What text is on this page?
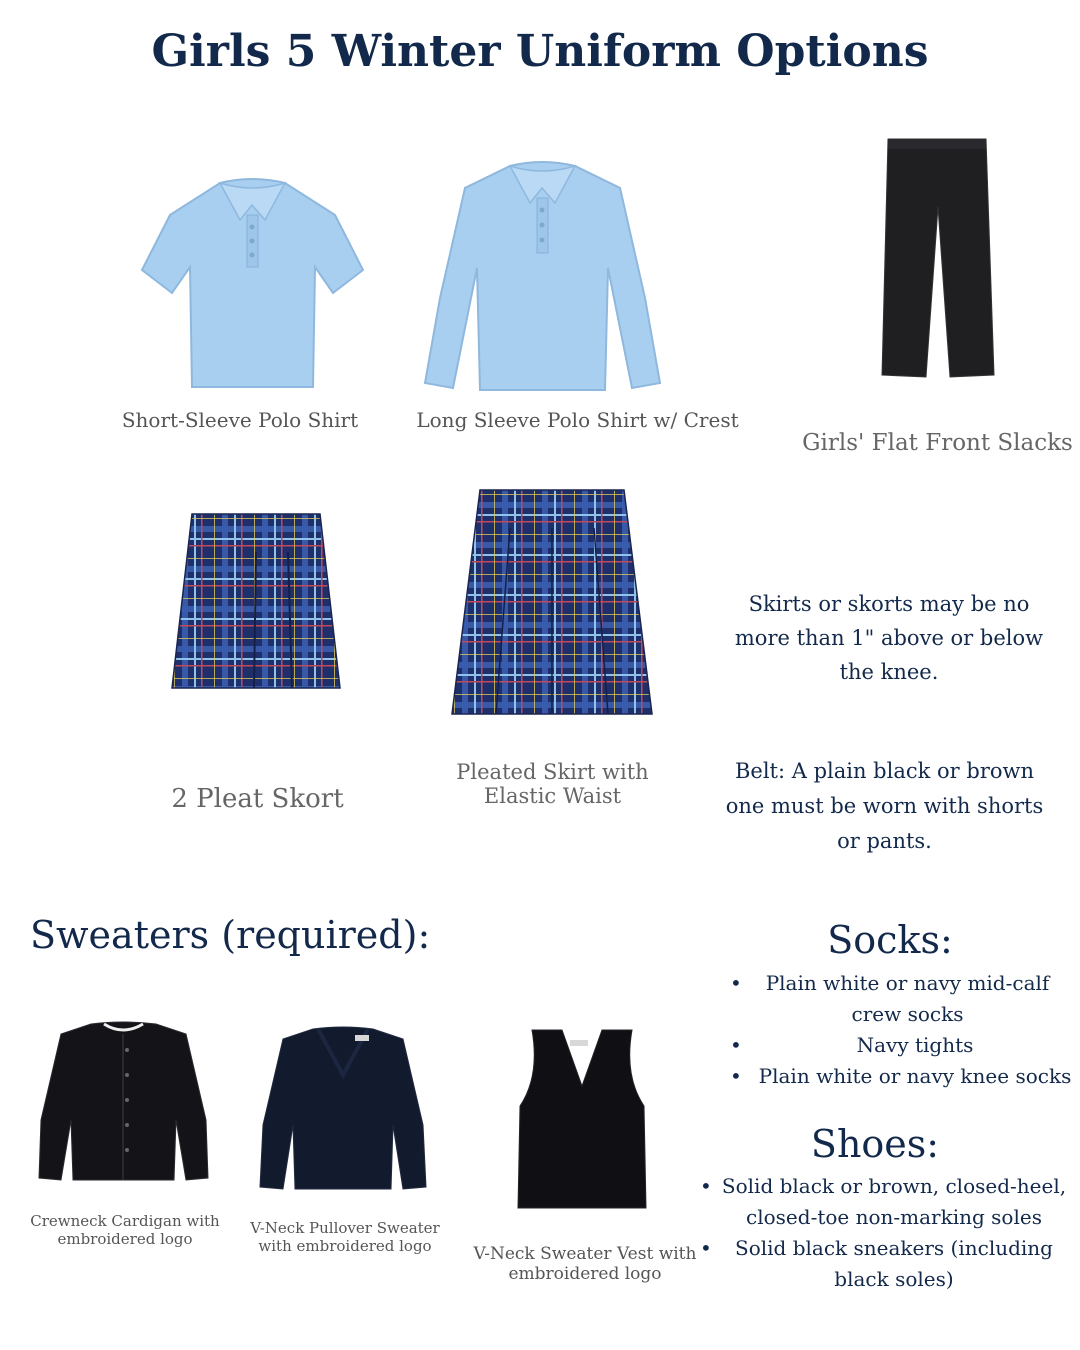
Girls 5 Winter Uniform Options
Short-Sleeve Polo Shirt	Long Sleeve Polo Shirt w/ Crest
Girls' Flat Front Slacks
2 Pleat Skort
Pleated Skirt with Elastic Waist
Skirts or skorts may be no more than 1" above or below the knee.
Belt: A plain black or brown one must be worn with shorts or pants.
Sweaters (required):
Crewneck Cardigan with embroidered logo
V-Neck Pullover Sweater with embroidered logo	V-Neck Sweater Vest with embroidered logo
Socks:
• Plain white or navy mid-calf crew socks
• Navy tights
• Plain white or navy knee socks
Shoes:
• Solid black or brown, closed-heel, closed-toe non-marking soles
• Solid black sneakers (including black soles)
